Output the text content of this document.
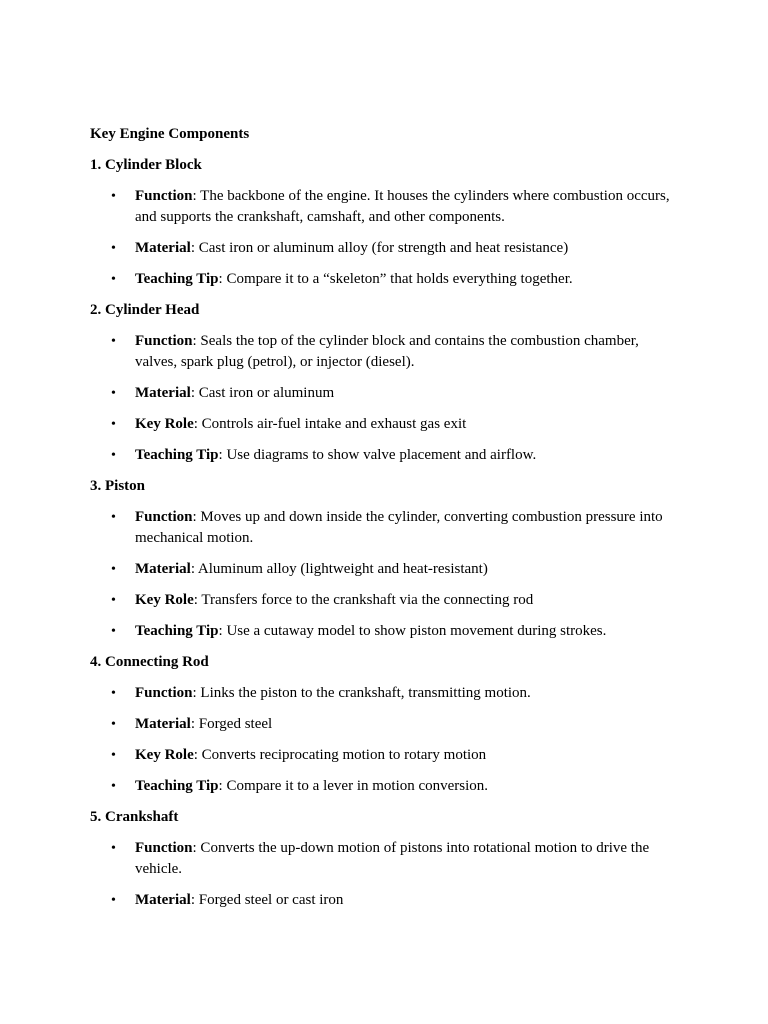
Key Engine Components
1. Cylinder Block
• Function: The backbone of the engine. It houses the cylinders where combustion occurs, and supports the crankshaft, camshaft, and other components.
• Material: Cast iron or aluminum alloy (for strength and heat resistance)
• Teaching Tip: Compare it to a “skeleton” that holds everything together.
2. Cylinder Head
• Function: Seals the top of the cylinder block and contains the combustion chamber, valves, spark plug (petrol), or injector (diesel).
• Material: Cast iron or aluminum
• Key Role: Controls air-fuel intake and exhaust gas exit
• Teaching Tip: Use diagrams to show valve placement and airflow.
3. Piston
• Function: Moves up and down inside the cylinder, converting combustion pressure into mechanical motion.
• Material: Aluminum alloy (lightweight and heat-resistant)
• Key Role: Transfers force to the crankshaft via the connecting rod
• Teaching Tip: Use a cutaway model to show piston movement during strokes.
4. Connecting Rod
• Function: Links the piston to the crankshaft, transmitting motion.
• Material: Forged steel
• Key Role: Converts reciprocating motion to rotary motion
• Teaching Tip: Compare it to a lever in motion conversion.
5. Crankshaft
• Function: Converts the up-down motion of pistons into rotational motion to drive the vehicle.
• Material: Forged steel or cast iron
